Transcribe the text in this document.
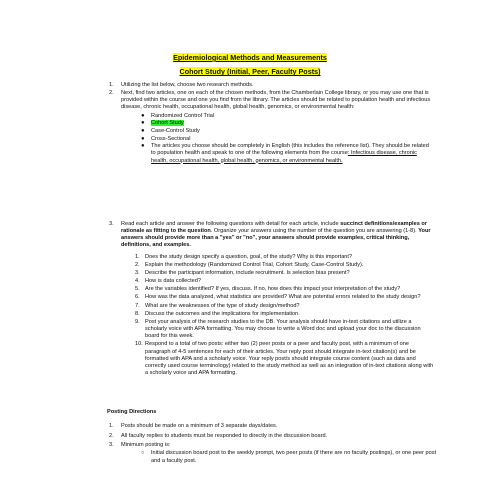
Epidemiological Methods and Measurements
Cohort Study (Initial, Peer, Faculty Posts)
1. Utilizing the list below, choose two research methods.
2. Next, find two articles, one on each of the chosen methods, from the Chamberlain College library, or you may use one that is provided within the course and one you find from the library. The articles should be related to population health and infectious disease, chronic health, occupational health, global health, genomics, or environmental health:
● Randomized Control Trial
● Cohort Study
● Case-Control Study
● Cross-Sectional
● The articles you choose should be completely in English (this includes the reference list). They should be related to population health and speak to one of the following elements from the course: Infectious disease, chronic health, occupational health, global health, genomics, or environmental health.
3. Read each article and answer the following questions with detail for each article, include succinct definitions/examples or rationale as fitting to the question. Organize your answers using the number of the question you are answering (1-8). Your answers should provide more than a "yes" or "no", your answers should provide examples, critical thinking, definitions, and examples.
1. Does the study design specify a question, goal, of the study? Why is this important?
2. Explain the methodology (Randomized Control Trial, Cohort Study, Case-Control Study).
3. Describe the participant information, include recruitment. Is selection bias present?
4. How is data collected?
5. Are the variables identified? If yes, discuss. If no, how does this impact your interpretation of the study?
6. How was the data analyzed, what statistics are provided? What are potential errors related to the study design?
7. What are the weaknesses of the type of study design/method?
8. Discuss the outcomes and the implications for implementation.
9. Post your analysis of the research studies to the DB. Your analysis should have in-text citations and utilize a scholarly voice with APA formatting. You may choose to write a Word doc and upload your doc to the discussion board for this week.
10. Respond to a total of two posts: either two (2) peer posts or a peer and faculty post, with a minimum of one paragraph of 4-5 sentences for each of their articles. Your reply post should integrate in-text citation(s) and be formatted with APA and a scholarly voice. Your reply post/s should integrate course content (such as data and correctly used course terminology) related to the study method as well as an integration of in-text citations along with a scholarly voice and APA formatting.
Posting Directions
1. Posts should be made on a minimum of 3 separate days/dates.
2. All faculty replies to students must be responded to directly in the discussion board.
3. Minimum posting is:
○ Initial discussion board post to the weekly prompt, two peer posts (if there are no faculty postings), or one peer post and a faculty post.
